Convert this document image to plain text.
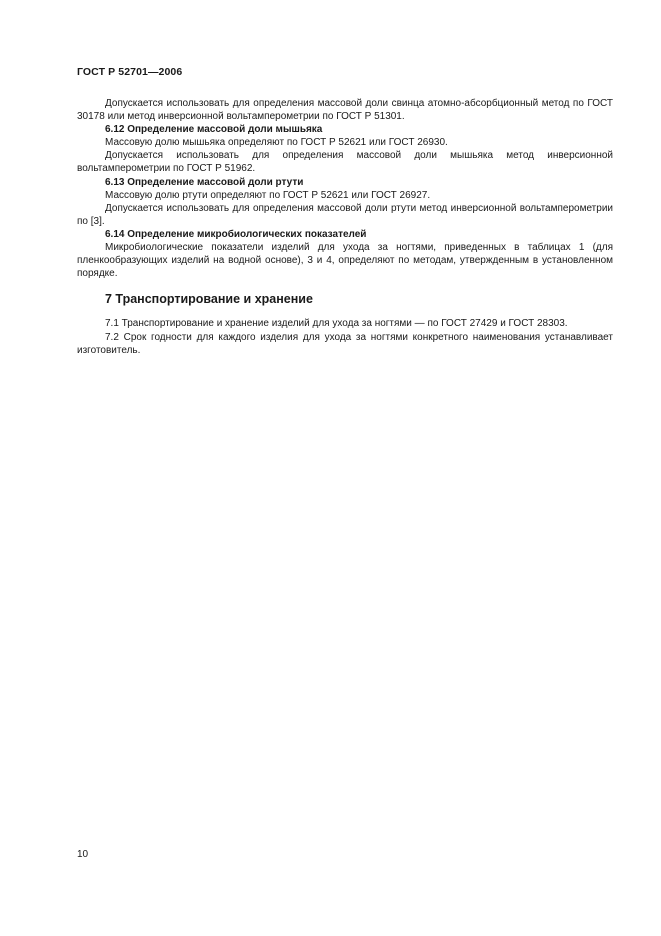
ГОСТ Р 52701—2006

Допускается использовать для определения массовой доли свинца атомно-абсорбционный метод по ГОСТ 30178 или метод инверсионной вольтамперометрии по ГОСТ Р 51301.

6.12 Определение массовой доли мышьяка

Массовую долю мышьяка определяют по ГОСТ Р 52621 или ГОСТ 26930.

Допускается использовать для определения массовой доли мышьяка метод инверсионной вольтамперометрии по ГОСТ Р 51962.

6.13 Определение массовой доли ртути

Массовую долю ртути определяют по ГОСТ Р 52621 или ГОСТ 26927.

Допускается использовать для определения массовой доли ртути метод инверсионной вольтамперометрии по [3].

6.14 Определение микробиологических показателей

Микробиологические показатели изделий для ухода за ногтями, приведенных в таблицах 1 (для пленкообразующих изделий на водной основе), 3 и 4, определяют по методам, утвержденным в установленном порядке.

7 Транспортирование и хранение

7.1 Транспортирование и хранение изделий для ухода за ногтями — по ГОСТ 27429 и ГОСТ 28303.

7.2 Срок годности для каждого изделия для ухода за ногтями конкретного наименования устанавливает изготовитель.

10
